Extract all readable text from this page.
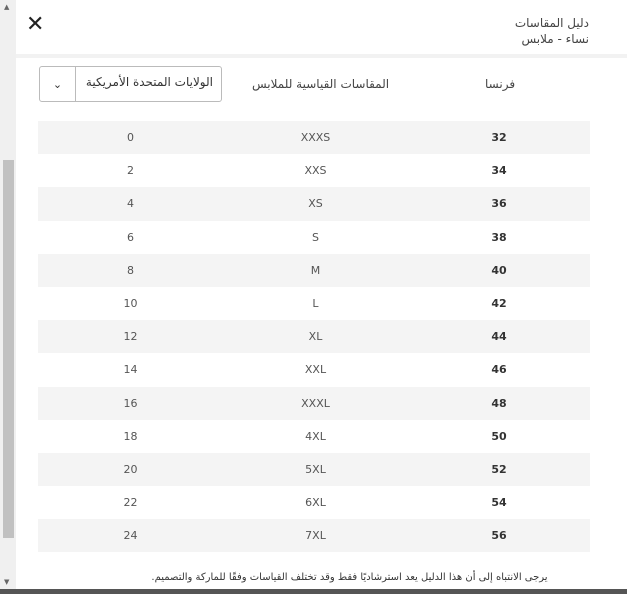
▲
▼
✕	دليل المقاسات
نساء - ملابس
⌄	الولايات المتحدة الأمريكية	المقاسات القياسية للملابس	فرنسا
0	XXXS	32
2	XXS	34
4	XS	36
6	S	38
8	M	40
10	L	42
12	XL	44
14	XXL	46
16	XXXL	48
18	4XL	50
20	5XL	52
22	6XL	54
24	7XL	56
يرجى الانتباه إلى أن هذا الدليل يعد استرشاديًا فقط وقد تختلف القياسات وفقًا للماركة والتصميم.
